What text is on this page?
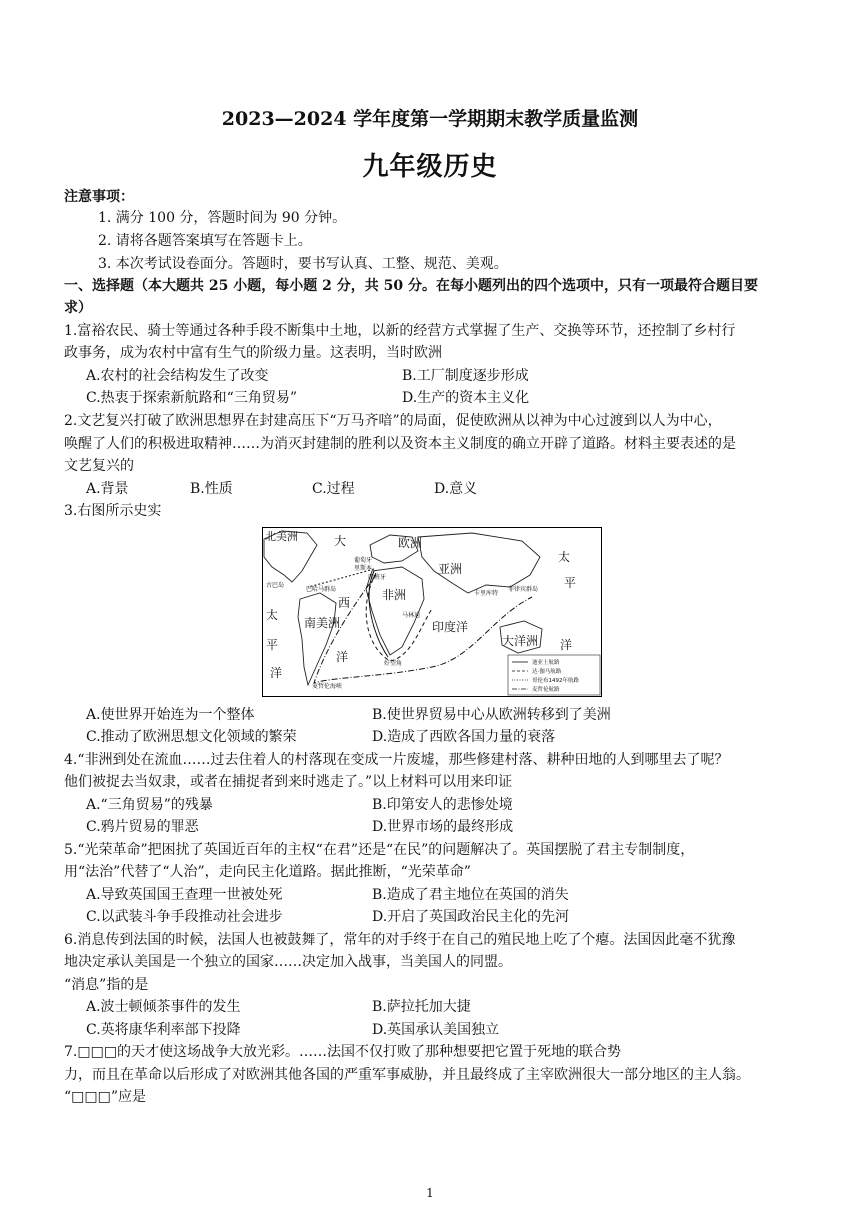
2023—2024 学年度第一学期期末教学质量监测
九年级历史
注意事项：
1. 满分 100 分，答题时间为 90 分钟。
2. 请将各题答案填写在答题卡上。
3. 本次考试设卷面分。答题时，要书写认真、工整、规范、美观。
一、选择题（本大题共 25 小题，每小题 2 分，共 50 分。在每小题列出的四个选项中，只有一项最符合题目要
求）
1.富裕农民、骑士等通过各种手段不断集中土地，以新的经营方式掌握了生产、交换等环节，还控制了乡村行
政事务，成为农村中富有生气的阶级力量。这表明，当时欧洲
A.农村的社会结构发生了改变	B.工厂制度逐步形成
C.热衷于探索新航路和“三角贸易”	D.生产的资本主义化
2.文艺复兴打破了欧洲思想界在封建高压下“万马齐喑”的局面，促使欧洲从以神为中心过渡到以人为中心，
唤醒了人们的积极进取精神……为消灭封建制的胜利以及资本主义制度的确立开辟了道路。材料主要表述的是
文艺复兴的
A.背景	B.性质	C.过程	D.意义
3.右图所示史实
北美洲	大
葡萄牙
里斯本
欧洲
西班牙
亚洲
太
平
古巴岛
巴哈马群岛
西
非洲	卡里库特
菲律宾群岛
马林迪
太
南美洲	印度洋
大洋洲
平
洋
洋
洋
好望角
麦哲伦海峡
迪亚士航路
达·伽马航路
哥伦布1492年航路
麦哲伦航路
A.使世界开始连为一个整体	B.使世界贸易中心从欧洲转移到了美洲
C.推动了欧洲思想文化领域的繁荣	D.造成了西欧各国力量的衰落
4.“非洲到处在流血……过去住着人的村落现在变成一片废墟，那些修建村落、耕种田地的人到哪里去了呢？
他们被捉去当奴隶，或者在捕捉者到来时逃走了。”以上材料可以用来印证
A.“三角贸易”的残暴	B.印第安人的悲惨处境
C.鸦片贸易的罪恶	D.世界市场的最终形成
5.“光荣革命”把困扰了英国近百年的主权“在君”还是“在民”的问题解决了。英国摆脱了君主专制制度，
用“法治”代替了“人治”，走向民主化道路。据此推断，“光荣革命”
A.导致英国国王查理一世被处死	B.造成了君主地位在英国的消失
C.以武装斗争手段推动社会进步	D.开启了英国政治民主化的先河
6.消息传到法国的时候，法国人也被鼓舞了，常年的对手终于在自己的殖民地上吃了个瘪。法国因此毫不犹豫
地决定承认美国是一个独立的国家……决定加入战事，当美国人的同盟。
“消息”指的是
A.波士顿倾茶事件的发生	B.萨拉托加大捷
C.英将康华利率部下投降	D.英国承认美国独立
7.□□□的天才使这场战争大放光彩。……法国不仅打败了那种想要把它置于死地的联合势
力，而且在革命以后形成了对欧洲其他各国的严重军事威胁，并且最终成了主宰欧洲很大一部分地区的主人翁。
“□□□”应是
1
